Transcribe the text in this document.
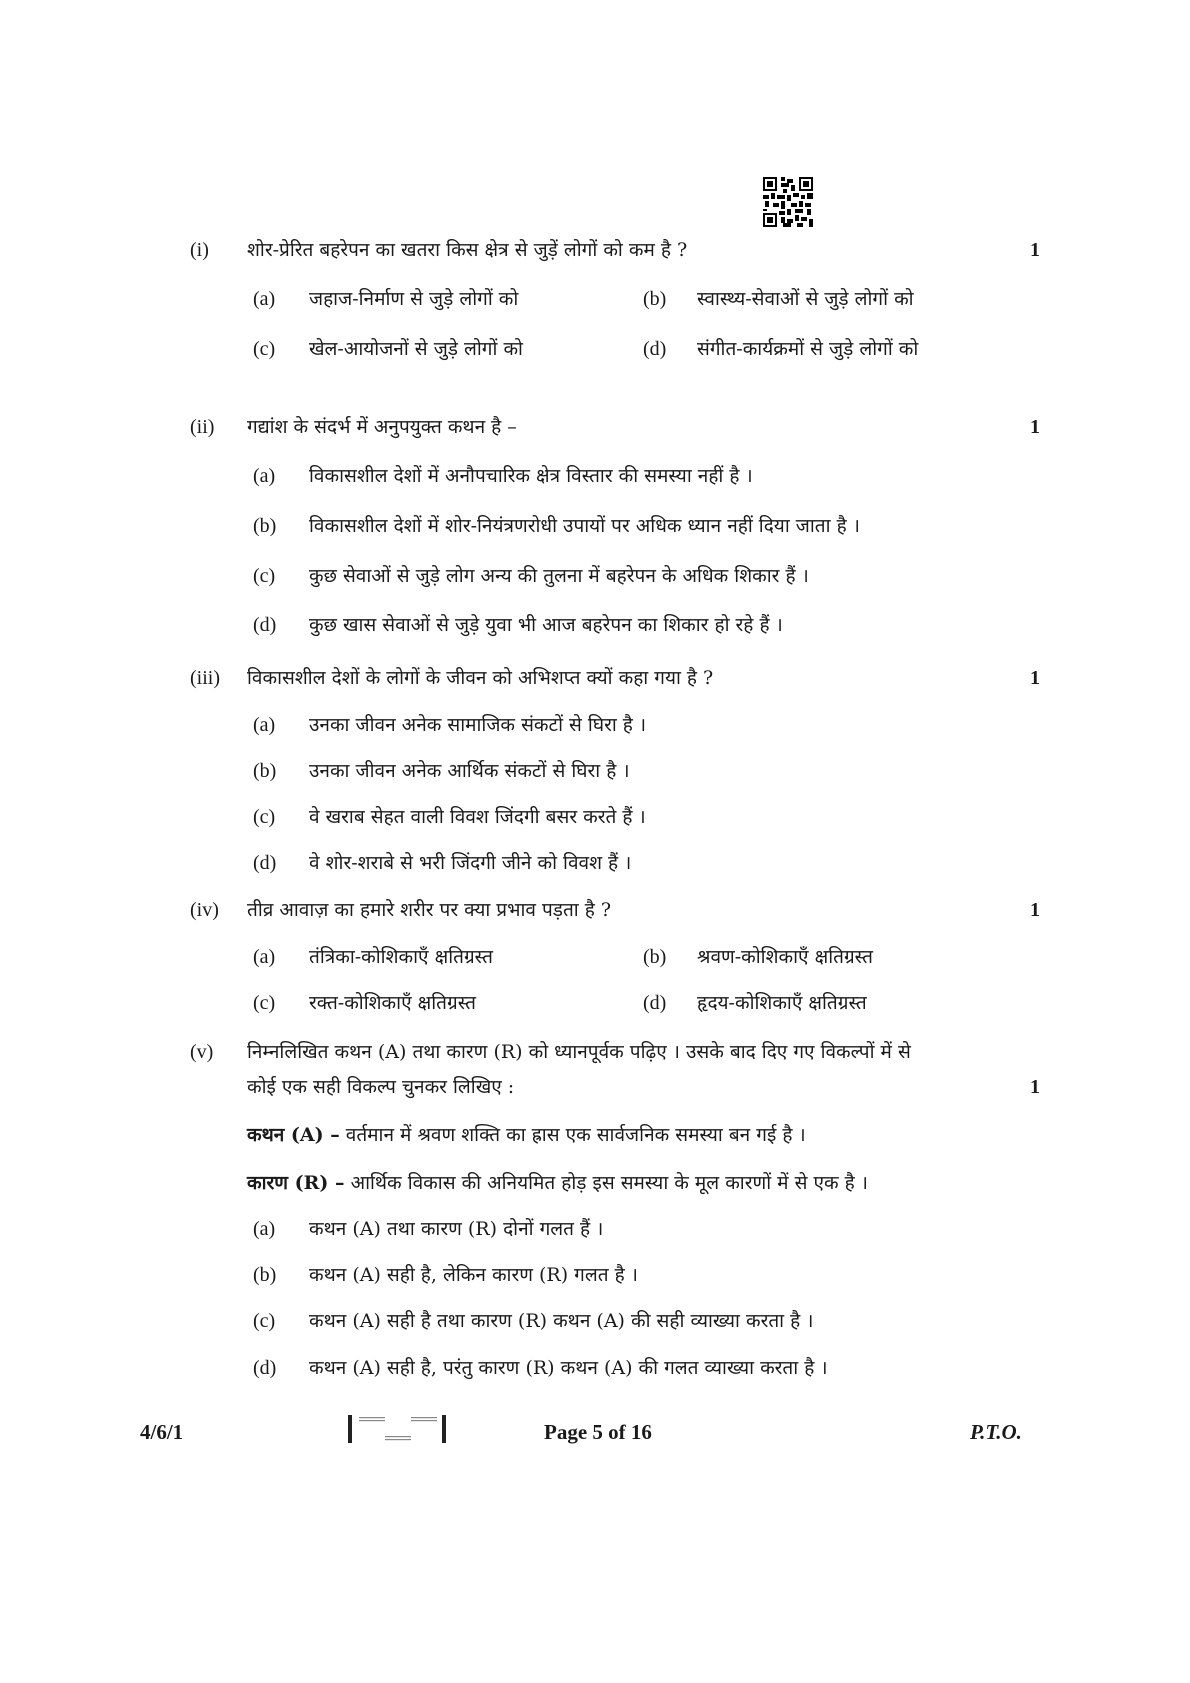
(i) शोर-प्रेरित बहरेपन का खतरा किस क्षेत्र से जुड़ें लोगों को कम है ?	1
(a) जहाज-निर्माण से जुड़े लोगों को	(b) स्वास्थ्य-सेवाओं से जुड़े लोगों को
(c) खेल-आयोजनों से जुड़े लोगों को	(d) संगीत-कार्यक्रमों से जुड़े लोगों को
(ii) गद्यांश के संदर्भ में अनुपयुक्त कथन है –	1
(a) विकासशील देशों में अनौपचारिक क्षेत्र विस्तार की समस्या नहीं है ।
(b) विकासशील देशों में शोर-नियंत्रणरोधी उपायों पर अधिक ध्यान नहीं दिया जाता है ।
(c) कुछ सेवाओं से जुड़े लोग अन्य की तुलना में बहरेपन के अधिक शिकार हैं ।
(d) कुछ खास सेवाओं से जुड़े युवा भी आज बहरेपन का शिकार हो रहे हैं ।
(iii) विकासशील देशों के लोगों के जीवन को अभिशप्त क्यों कहा गया है ?	1
(a) उनका जीवन अनेक सामाजिक संकटों से घिरा है ।
(b) उनका जीवन अनेक आर्थिक संकटों से घिरा है ।
(c) वे खराब सेहत वाली विवश जिंदगी बसर करते हैं ।
(d) वे शोर-शराबे से भरी जिंदगी जीने को विवश हैं ।
(iv) तीव्र आवाज़ का हमारे शरीर पर क्या प्रभाव पड़ता है ?	1
(a) तंत्रिका-कोशिकाएँ क्षतिग्रस्त	(b) श्रवण-कोशिकाएँ क्षतिग्रस्त
(c) रक्त-कोशिकाएँ क्षतिग्रस्त	(d) हृदय-कोशिकाएँ क्षतिग्रस्त
(v) निम्नलिखित कथन (A) तथा कारण (R) को ध्यानपूर्वक पढ़िए । उसके बाद दिए गए विकल्पों में से
कोई एक सही विकल्प चुनकर लिखिए :	1
कथन (A) – वर्तमान में श्रवण शक्ति का ह्रास एक सार्वजनिक समस्या बन गई है ।
कारण (R) – आर्थिक विकास की अनियमित होड़ इस समस्या के मूल कारणों में से एक है ।
(a) कथन (A) तथा कारण (R) दोनों गलत हैं ।
(b) कथन (A) सही है, लेकिन कारण (R) गलत है ।
(c) कथन (A) सही है तथा कारण (R) कथन (A) की सही व्याख्या करता है ।
(d) कथन (A) सही है, परंतु कारण (R) कथन (A) की गलत व्याख्या करता है ।
4/6/1	Page 5 of 16	P.T.O.
